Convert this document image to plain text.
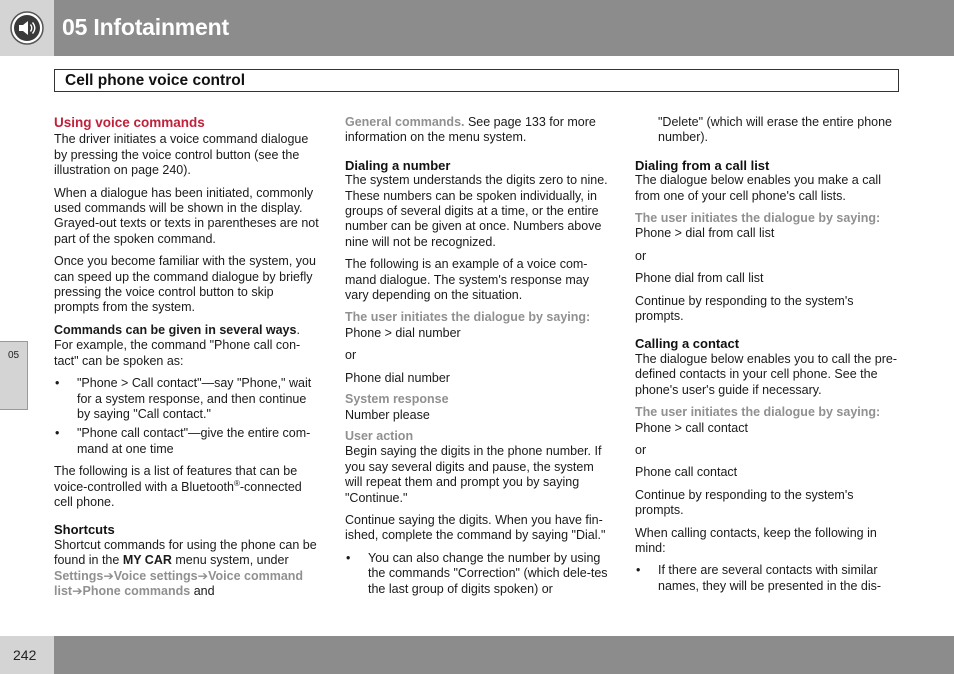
05 Infotainment
Cell phone voice control
05
Using voice commands

The driver initiates a voice command dialogue by pressing the voice control button (see the illustration on page 240).

When a dialogue has been initiated, commonly used commands will be shown in the display. Grayed-out texts or texts in parentheses are not part of the spoken command.

Once you become familiar with the system, you can speed up the command dialogue by briefly pressing the voice control button to skip prompts from the system.

Commands can be given in several ways. For example, the command "Phone call con-tact" can be spoken as:

• "Phone > Call contact"—say "Phone," wait for a system response, and then continue by saying "Call contact."
• "Phone call contact"—give the entire com-mand at one time

The following is a list of features that can be voice-controlled with a Bluetooth®-connected cell phone.

Shortcuts

Shortcut commands for using the phone can be found in the MY CAR menu system, under Settings➔Voice settings➔Voice command list➔Phone commands and

General commands. See page 133 for more information on the menu system.

Dialing a number

The system understands the digits zero to nine. These numbers can be spoken individually, in groups of several digits at a time, or the entire number can be given at once. Numbers above nine will not be recognized.

The following is an example of a voice com-mand dialogue. The system's response may vary depending on the situation.

The user initiates the dialogue by saying:

Phone > dial number

or

Phone dial number

System response

Number please

User action

Begin saying the digits in the phone number. If you say several digits and pause, the system will repeat them and prompt you by saying "Continue."

Continue saying the digits. When you have fin-ished, complete the command by saying "Dial."

• You can also change the number by using the commands "Correction" (which dele-tes the last group of digits spoken) or

"Delete" (which will erase the entire phone number).

Dialing from a call list

The dialogue below enables you make a call from one of your cell phone's call lists.

The user initiates the dialogue by saying:

Phone > dial from call list

or

Phone dial from call list

Continue by responding to the system's prompts.

Calling a contact

The dialogue below enables you to call the pre-defined contacts in your cell phone. See the phone's user's guide if necessary.

The user initiates the dialogue by saying:

Phone > call contact

or

Phone call contact

Continue by responding to the system's prompts.

When calling contacts, keep the following in mind:

• If there are several contacts with similar names, they will be presented in the dis-
242
